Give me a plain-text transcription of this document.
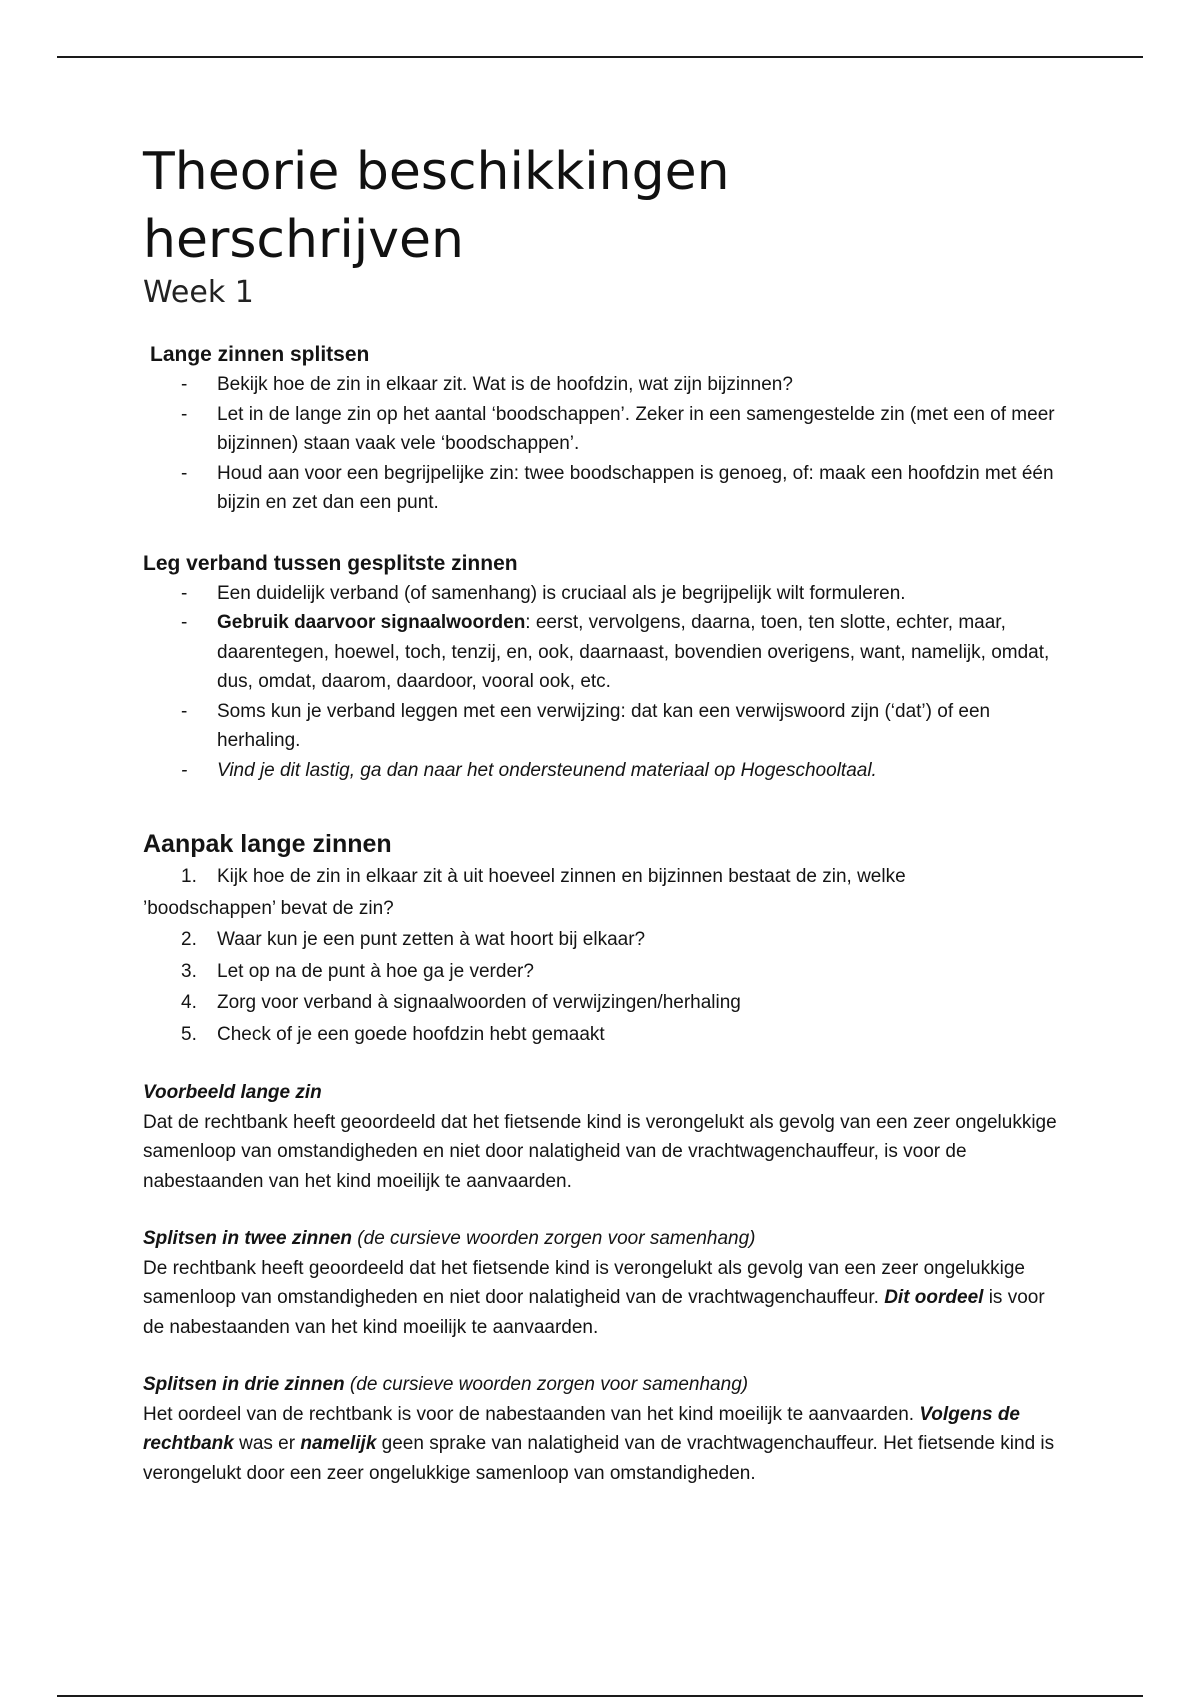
Theorie beschikkingen herschrijven
Week 1
Lange zinnen splitsen
- Bekijk hoe de zin in elkaar zit. Wat is de hoofdzin, wat zijn bijzinnen?
- Let in de lange zin op het aantal ‘boodschappen’. Zeker in een samengestelde zin (met een of meer bijzinnen) staan vaak vele ‘boodschappen’.
- Houd aan voor een begrijpelijke zin: twee boodschappen is genoeg, of: maak een hoofdzin met één bijzin en zet dan een punt.
Leg verband tussen gesplitste zinnen
- Een duidelijk verband (of samenhang) is cruciaal als je begrijpelijk wilt formuleren.
- Gebruik daarvoor signaalwoorden: eerst, vervolgens, daarna, toen, ten slotte, echter, maar, daarentegen, hoewel, toch, tenzij, en, ook, daarnaast, bovendien overigens, want, namelijk, omdat, dus, omdat, daarom, daardoor, vooral ook, etc.
- Soms kun je verband leggen met een verwijzing: dat kan een verwijswoord zijn (‘dat’) of een herhaling.
- Vind je dit lastig, ga dan naar het ondersteunend materiaal op Hogeschooltaal.
Aanpak lange zinnen
1. Kijk hoe de zin in elkaar zit à uit hoeveel zinnen en bijzinnen bestaat de zin, welke
’boodschappen’ bevat de zin?
2. Waar kun je een punt zetten à wat hoort bij elkaar?
3. Let op na de punt à hoe ga je verder?
4. Zorg voor verband à signaalwoorden of verwijzingen/herhaling
5. Check of je een goede hoofdzin hebt gemaakt
Voorbeeld lange zin

Dat de rechtbank heeft geoordeeld dat het fietsende kind is verongelukt als gevolg van een zeer ongelukkige samenloop van omstandigheden en niet door nalatigheid van de vrachtwagenchauffeur, is voor de nabestaanden van het kind moeilijk te aanvaarden.

Splitsen in twee zinnen (de cursieve woorden zorgen voor samenhang)

De rechtbank heeft geoordeeld dat het fietsende kind is verongelukt als gevolg van een zeer ongelukkige samenloop van omstandigheden en niet door nalatigheid van de vrachtwagenchauffeur. Dit oordeel is voor de nabestaanden van het kind moeilijk te aanvaarden.

Splitsen in drie zinnen (de cursieve woorden zorgen voor samenhang)

Het oordeel van de rechtbank is voor de nabestaanden van het kind moeilijk te aanvaarden. Volgens de rechtbank was er namelijk geen sprake van nalatigheid van de vrachtwagenchauffeur. Het fietsende kind is verongelukt door een zeer ongelukkige samenloop van omstandigheden.
